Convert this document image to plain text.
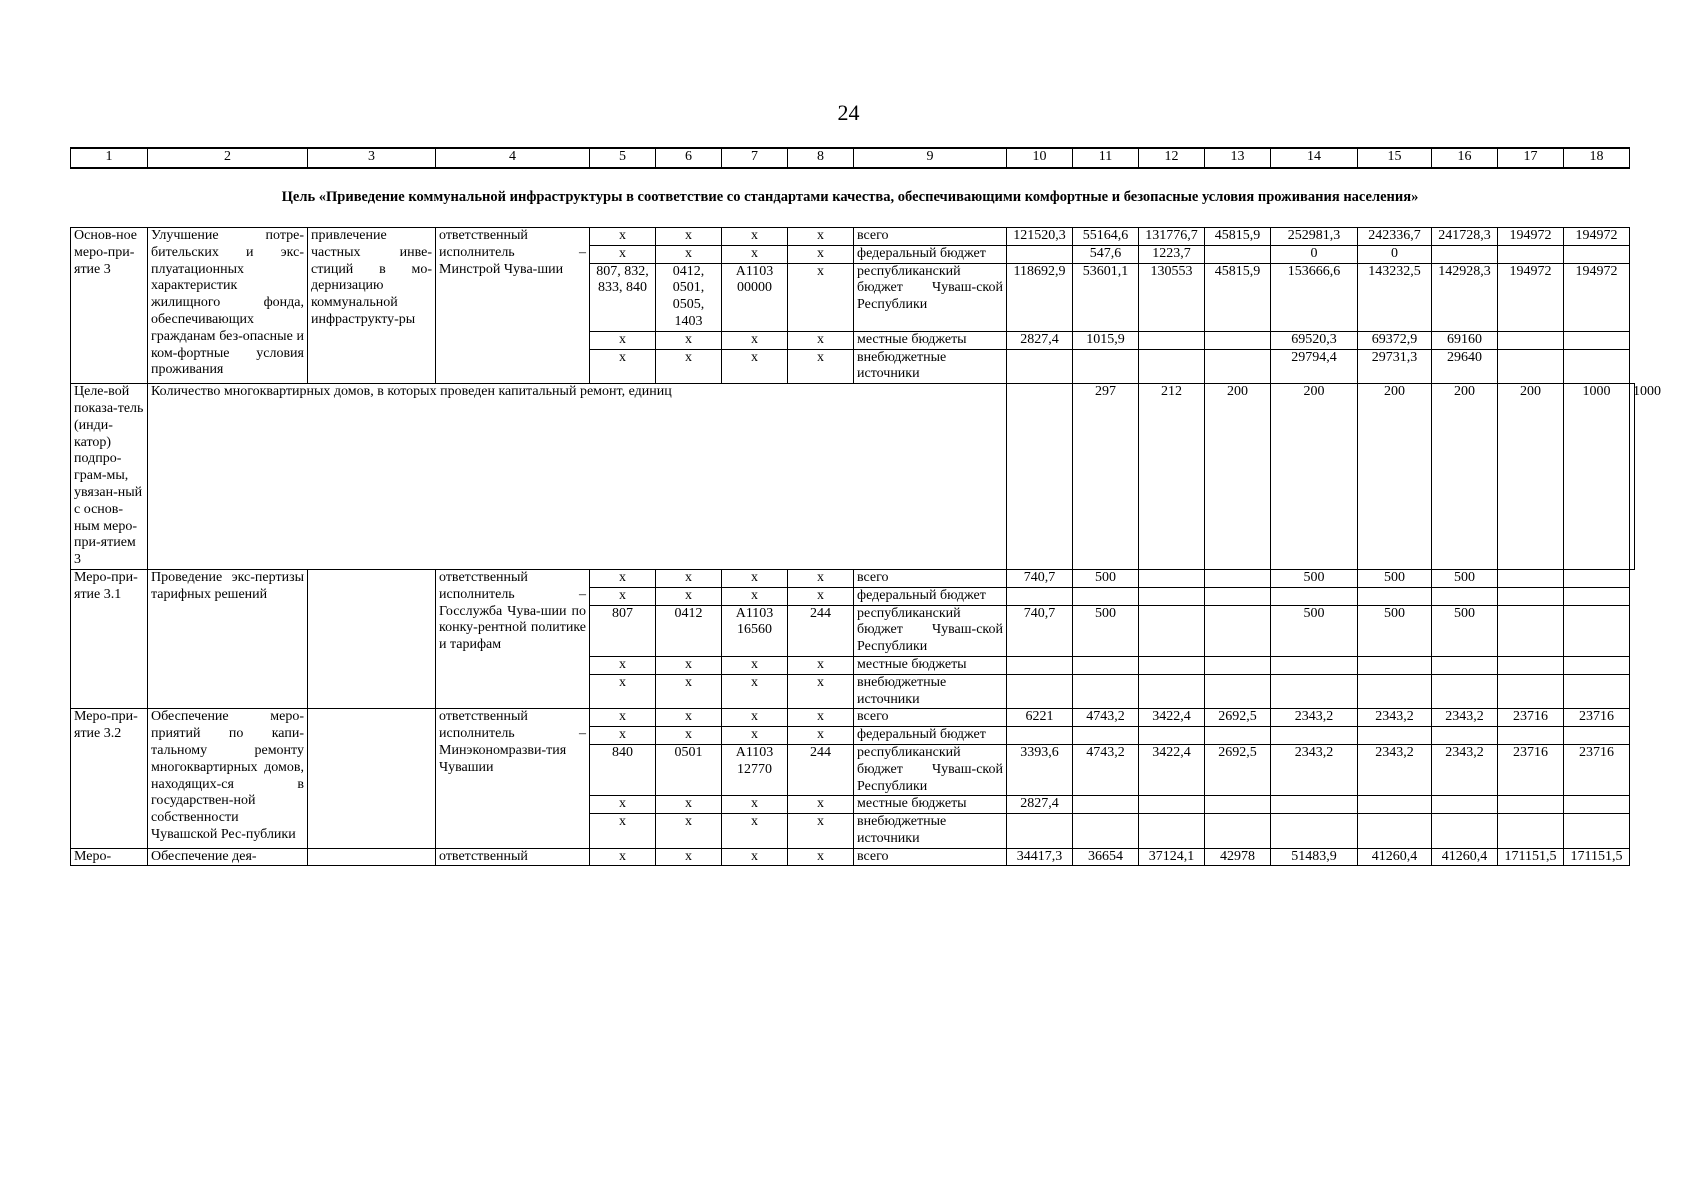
24
1	2	3	4	5	6	7	8	9	10	11	12	13	14	15	16	17	18	
Цель «Приведение коммунальной инфраструктуры в соответствие со стандартами качества, обеспечивающими комфортные и безопасные условия проживания населения»																		
Основ-ное меро-при-ятие 3	Улучшение потре-бительских и экс-плуатационных характеристик жилищного фонда, обеспечивающих гражданам без-опасные и ком-фортные условия проживания	привлечение частных инве-стиций в мо-дернизацию коммунальной инфраструкту-ры	ответственный исполнитель – Минстрой Чува-шии	х	х	х	х	всего	121520,3	55164,6	131776,7	45815,9	252981,3	242336,7	241728,3	194972	194972	
				х	х	х	х	федеральный бюджет		547,6	1223,7		0	0				
				807, 832, 833, 840	0412, 0501, 0505, 1403	А1103 00000	х	республиканский бюджет Чуваш-ской Республики	118692,9	53601,1	130553	45815,9	153666,6	143232,5	142928,3	194972	194972	
				х	х	х	х	местные бюджеты	2827,4	1015,9			69520,3	69372,9	69160			
				х	х	х	х	внебюджетные источники					29794,4	29731,3	29640			
Целе-вой показа-тель (инди-катор) подпро-грам-мы, увязан-ный с основ-ным меро-при-ятием 3	Количество многоквартирных домов, в которых проведен капитальный ремонт, единиц									297	212	200	200	200	200	200	1000	1000
Меро-при-ятие 3.1	Проведение экс-пертизы тарифных решений		ответственный исполнитель – Госслужба Чува-шии по конку-рентной политике и тарифам	х	х	х	х	всего	740,7	500			500	500	500			
				х	х	х	х	федеральный бюджет										
				807	0412	А1103 16560	244	республиканский бюджет Чуваш-ской Республики	740,7	500			500	500	500			
				х	х	х	х	местные бюджеты										
				х	х	х	х	внебюджетные источники										
Меро-при-ятие 3.2	Обеспечение меро-приятий по капи-тальному ремонту многоквартирных домов, находящих-ся в государствен-ной собственности Чувашской Рес-публики		ответственный исполнитель – Минэкономразви-тия Чувашии	х	х	х	х	всего	6221	4743,2	3422,4	2692,5	2343,2	2343,2	2343,2	23716	23716	
				х	х	х	х	федеральный бюджет										
				840	0501	А1103 12770	244	республиканский бюджет Чуваш-ской Республики	3393,6	4743,2	3422,4	2692,5	2343,2	2343,2	2343,2	23716	23716	
				х	х	х	х	местные бюджеты	2827,4									
				х	х	х	х	внебюджетные источники										
Меро-	Обеспечение дея-		ответственный	х	х	х	х	всего	34417,3	36654	37124,1	42978	51483,9	41260,4	41260,4	171151,5	171151,5	
